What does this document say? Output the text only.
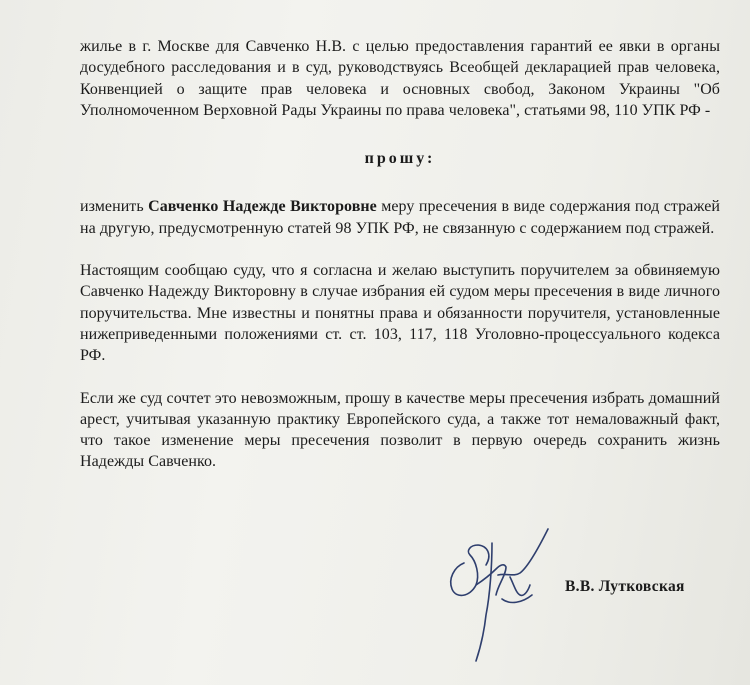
жилье в г. Москве для Савченко Н.В. с целью предоставления гарантий ее явки в органы досудебного расследования и в суд, руководствуясь Всеобщей декларацией прав человека, Конвенцией о защите прав человека и основных свобод, Законом Украины "Об Уполномоченном Верховной Рады Украины по права человека", статьями 98, 110 УПК РФ -

прошу:

изменить Савченко Надежде Викторовне меру пресечения в виде содержания под стражей на другую, предусмотренную статей 98 УПК РФ, не связанную с содержанием под стражей.

Настоящим сообщаю суду, что я согласна и желаю выступить поручителем за обвиняемую Савченко Надежду Викторовну в случае избрания ей судом меры пресечения в виде личного поручительства. Мне известны и понятны права и обязанности поручителя, установленные нижеприведенными положениями ст. ст. 103, 117, 118 Уголовно-процессуального кодекса РФ.

Если же суд сочтет это невозможным, прошу в качестве меры пресечения избрать домашний арест, учитывая указанную практику Европейского суда, а также тот немаловажный факт, что такое изменение меры пресечения позволит в первую очередь сохранить жизнь Надежды Савченко.

В.В. Лутковская
